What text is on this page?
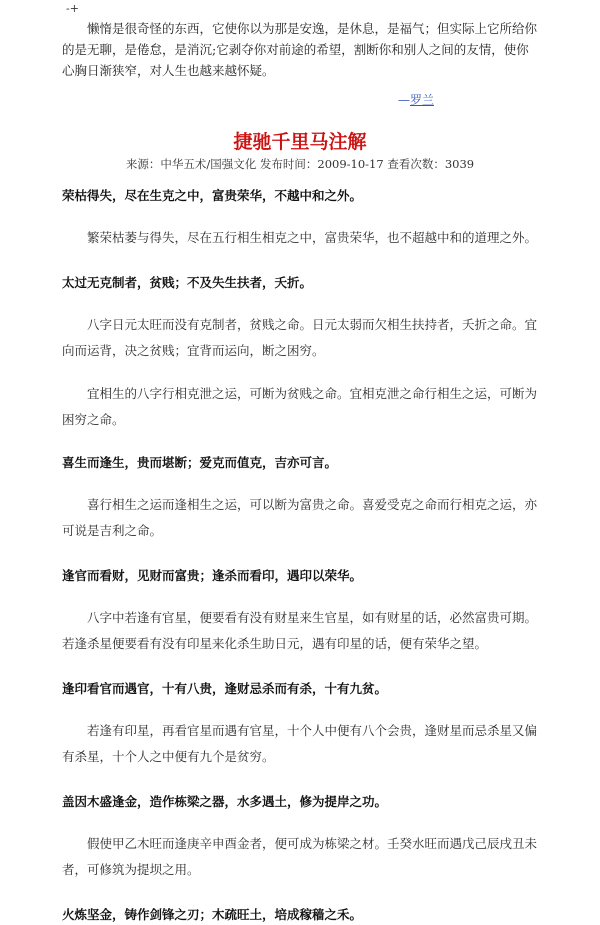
-+

懒惰是很奇怪的东西，它使你以为那是安逸，是休息，是福气；但实际上它所给你的是无聊，是倦怠，是消沉;它剥夺你对前途的希望，割断你和别人之间的友情，使你心胸日渐狭窄，对人生也越来越怀疑。

—罗兰
捷驰千里马注解

来源：中华五术/国强文化 发布时间：2009-10-17 查看次数：3039

荣枯得失，尽在生克之中，富贵荣华，不越中和之外。

繁荣枯萎与得失，尽在五行相生相克之中，富贵荣华，也不超越中和的道理之外。

太过无克制者，贫贱；不及失生扶者，夭折。

八字日元太旺而没有克制者，贫贱之命。日元太弱而欠相生扶持者，夭折之命。宜向而运背，决之贫贱；宜背而运向，断之困穷。

宜相生的八字行相克泄之运，可断为贫贱之命。宜相克泄之命行相生之运，可断为困穷之命。

喜生而逢生，贵而堪断；爱克而值克，吉亦可言。

喜行相生之运而逢相生之运，可以断为富贵之命。喜爱受克之命而行相克之运，亦可说是吉利之命。

逢官而看财，见财而富贵；逢杀而看印，遇印以荣华。

八字中若逢有官星，便要看有没有财星来生官星，如有财星的话，必然富贵可期。若逢杀星便要看有没有印星来化杀生助日元，遇有印星的话，便有荣华之望。

逢印看官而遇官，十有八贵，逢财忌杀而有杀，十有九贫。

若逢有印星，再看官星而遇有官星，十个人中便有八个会贵，逢财星而忌杀星又偏有杀星，十个人之中便有九个是贫穷。

盖因木盛逢金，造作栋梁之器，水多遇土，修为提岸之功。

假使甲乙木旺而逢庚辛申酉金者，便可成为栋梁之材。壬癸水旺而遇戊己辰戌丑未者，可修筑为提坝之用。

火炼坚金，铸作剑锋之刃；木疏旺土，培成稼穑之禾。
